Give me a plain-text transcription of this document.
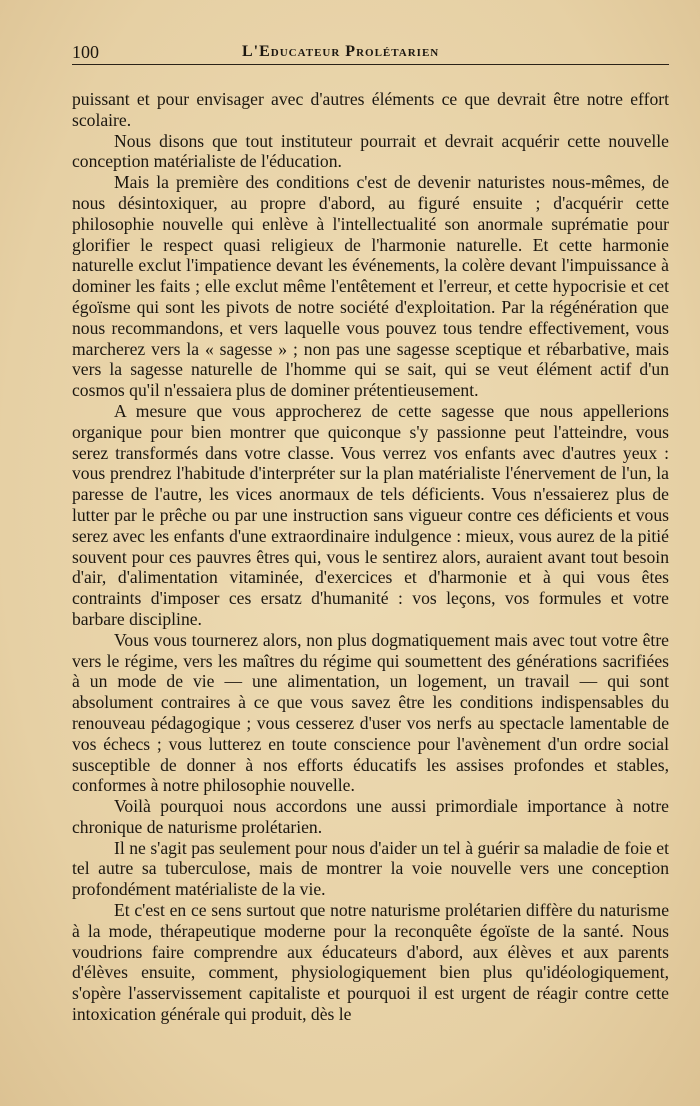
100	L'Educateur Prolétarien

puissant et pour envisager avec d'autres éléments ce que devrait être notre effort scolaire.

Nous disons que tout instituteur pourrait et devrait acquérir cette nouvelle conception matérialiste de l'éducation.

Mais la première des conditions c'est de devenir naturistes nous-mêmes, de nous désintoxiquer, au propre d'abord, au figuré ensuite ; d'acquérir cette philosophie nouvelle qui enlève à l'intellectualité son anormale suprématie pour glorifier le respect quasi religieux de l'harmonie naturelle. Et cette harmonie naturelle exclut l'impatience devant les événements, la colère devant l'impuissance à dominer les faits ; elle exclut même l'entêtement et l'erreur, et cette hypocrisie et cet égoïsme qui sont les pivots de notre société d'exploitation. Par la régénération que nous recommandons, et vers laquelle vous pouvez tous tendre effectivement, vous marcherez vers la « sagesse » ; non pas une sagesse sceptique et rébarbative, mais vers la sagesse naturelle de l'homme qui se sait, qui se veut élément actif d'un cosmos qu'il n'essaiera plus de dominer prétentieusement.

A mesure que vous approcherez de cette sagesse que nous appellerions organique pour bien montrer que quiconque s'y passionne peut l'atteindre, vous serez transformés dans votre classe. Vous verrez vos enfants avec d'autres yeux : vous prendrez l'habitude d'interpréter sur la plan matérialiste l'énervement de l'un, la paresse de l'autre, les vices anormaux de tels déficients. Vous n'essaierez plus de lutter par le prêche ou par une instruction sans vigueur contre ces déficients et vous serez avec les enfants d'une extraordinaire indulgence : mieux, vous aurez de la pitié souvent pour ces pauvres êtres qui, vous le sentirez alors, auraient avant tout besoin d'air, d'alimentation vitaminée, d'exercices et d'harmonie et à qui vous êtes contraints d'imposer ces ersatz d'humanité : vos leçons, vos formules et votre barbare discipline.

Vous vous tournerez alors, non plus dogmatiquement mais avec tout votre être vers le régime, vers les maîtres du régime qui soumettent des générations sacrifiées à un mode de vie — une alimentation, un logement, un travail — qui sont absolument contraires à ce que vous savez être les conditions indispensables du renouveau pédagogique ; vous cesserez d'user vos nerfs au spectacle lamentable de vos échecs ; vous lutterez en toute conscience pour l'avènement d'un ordre social susceptible de donner à nos efforts éducatifs les assises profondes et stables, conformes à notre philosophie nouvelle.

Voilà pourquoi nous accordons une aussi primordiale importance à notre chronique de naturisme prolétarien.

Il ne s'agit pas seulement pour nous d'aider un tel à guérir sa maladie de foie et tel autre sa tuberculose, mais de montrer la voie nouvelle vers une conception profondément matérialiste de la vie.

Et c'est en ce sens surtout que notre naturisme prolétarien diffère du naturisme à la mode, thérapeutique moderne pour la reconquête égoïste de la santé. Nous voudrions faire comprendre aux éducateurs d'abord, aux élèves et aux parents d'élèves ensuite, comment, physiologiquement bien plus qu'idéologiquement, s'opère l'asservissement capitaliste et pourquoi il est urgent de réagir contre cette intoxication générale qui produit, dès le
